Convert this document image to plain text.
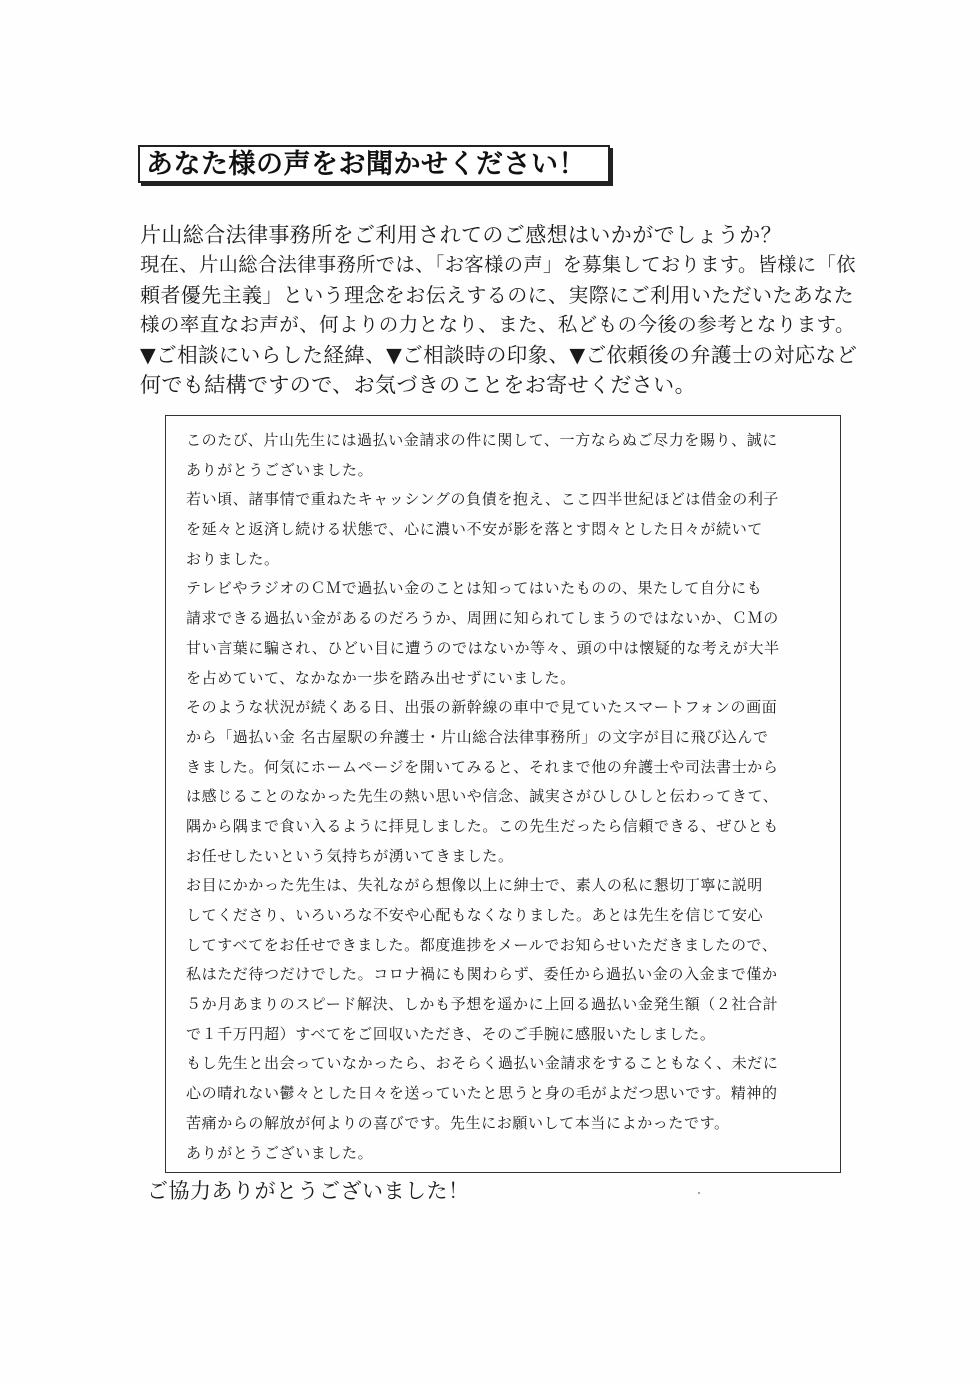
あなた様の声をお聞かせください！
片山総合法律事務所をご利用されてのご感想はいかがでしょうか？
現在、片山総合法律事務所では、「お客様の声」を募集しております。皆様に「依
頼者優先主義」という理念をお伝えするのに、実際にご利用いただいたあなた
様の率直なお声が、何よりの力となり、また、私どもの今後の参考となります。
▼ご相談にいらした経緯、▼ご相談時の印象、▼ご依頼後の弁護士の対応など
何でも結構ですので、お気づきのことをお寄せください。
このたび、片山先生には過払い金請求の件に関して、一方ならぬご尽力を賜り、誠に
ありがとうございました。
若い頃、諸事情で重ねたキャッシングの負債を抱え、ここ四半世紀ほどは借金の利子
を延々と返済し続ける状態で、心に濃い不安が影を落とす悶々とした日々が続いて
おりました。
テレビやラジオのＣＭで過払い金のことは知ってはいたものの、果たして自分にも
請求できる過払い金があるのだろうか、周囲に知られてしまうのではないか、ＣＭの
甘い言葉に騙され、ひどい目に遭うのではないか等々、頭の中は懐疑的な考えが大半
を占めていて、なかなか一歩を踏み出せずにいました。
そのような状況が続くある日、出張の新幹線の車中で見ていたスマートフォンの画面
から「過払い金 名古屋駅の弁護士・片山総合法律事務所」の文字が目に飛び込んで
きました。何気にホームページを開いてみると、それまで他の弁護士や司法書士から
は感じることのなかった先生の熱い思いや信念、誠実さがひしひしと伝わってきて、
隅から隅まで食い入るように拝見しました。この先生だったら信頼できる、ぜひとも
お任せしたいという気持ちが湧いてきました。
お目にかかった先生は、失礼ながら想像以上に紳士で、素人の私に懇切丁寧に説明
してくださり、いろいろな不安や心配もなくなりました。あとは先生を信じて安心
してすべてをお任せできました。都度進捗をメールでお知らせいただきましたので、
私はただ待つだけでした。コロナ禍にも関わらず、委任から過払い金の入金まで僅か
５か月あまりのスピード解決、しかも予想を遥かに上回る過払い金発生額（２社合計
で１千万円超）すべてをご回収いただき、そのご手腕に感服いたしました。
もし先生と出会っていなかったら、おそらく過払い金請求をすることもなく、未だに
心の晴れない鬱々とした日々を送っていたと思うと身の毛がよだつ思いです。精神的
苦痛からの解放が何よりの喜びです。先生にお願いして本当によかったです。
ありがとうございました。
ご協力ありがとうございました！
